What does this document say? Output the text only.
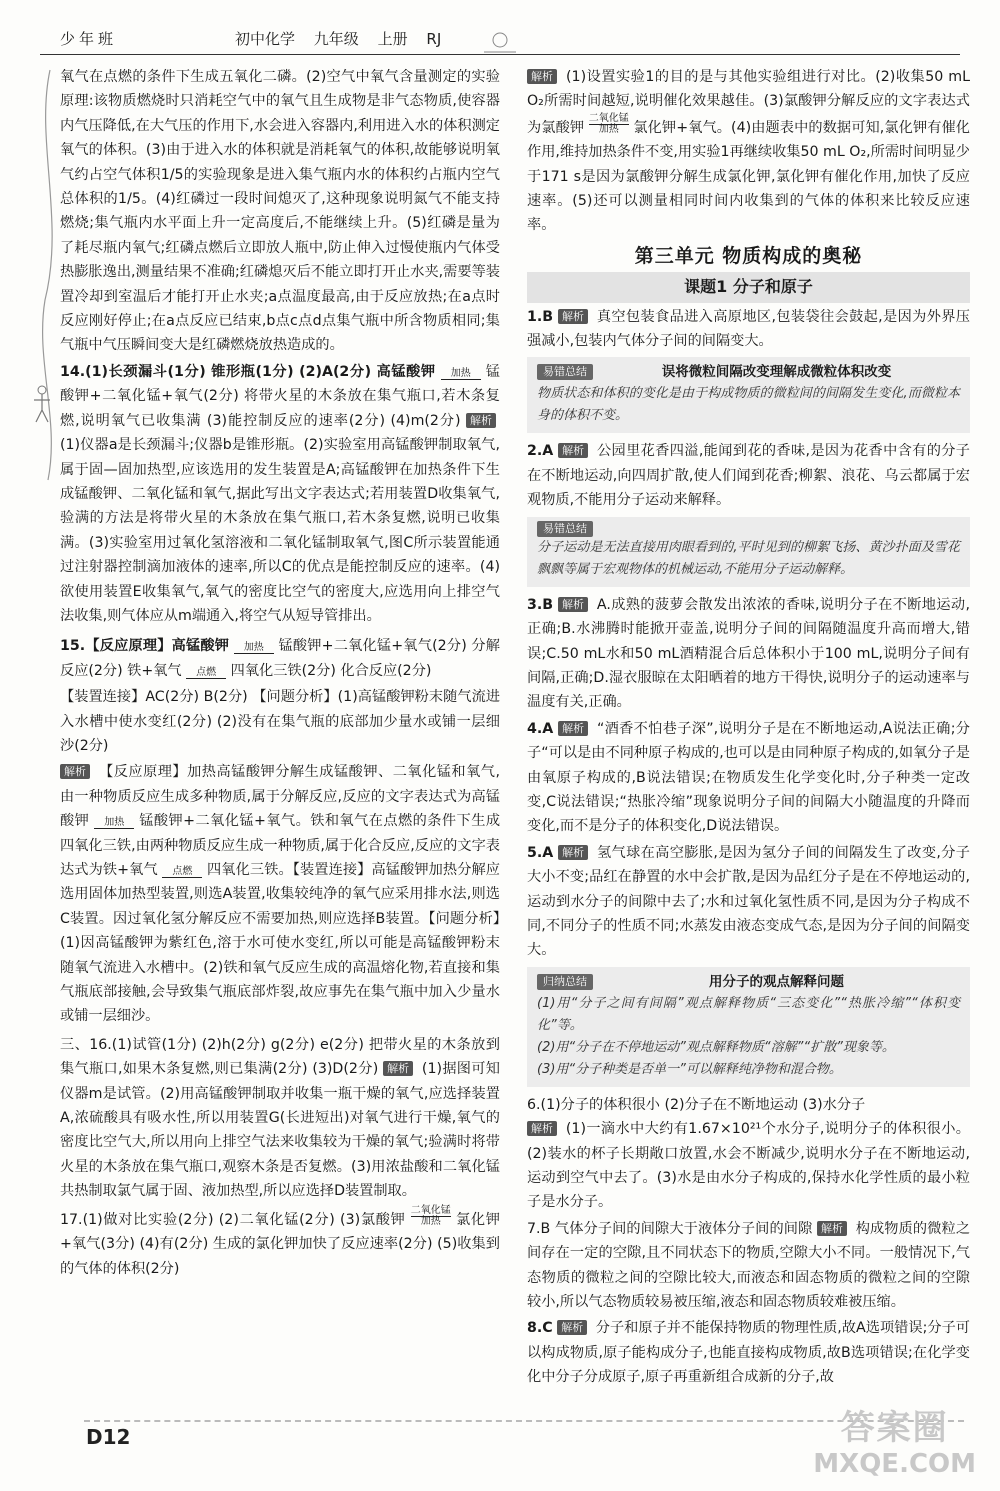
少年班	初中化学 九年级 上册 RJ

氧气在点燃的条件下生成五氧化二磷。(2)空气中氧气含量测定的实验原理:该物质燃烧时只消耗空气中的氧气且生成物是非气态物质,使容器内气压降低,在大气压的作用下,水会进入容器内,利用进入水的体积测定氧气的体积。(3)由于进入水的体积就是消耗氧气的体积,故能够说明氧气约占空气体积1/5的实验现象是进入集气瓶内水的体积约占瓶内空气总体积的1/5。(4)红磷过一段时间熄灭了,这种现象说明氮气不能支持燃烧;集气瓶内水平面上升一定高度后,不能继续上升。(5)红磷是量为了耗尽瓶内氧气;红磷点燃后立即放人瓶中,防止伸入过慢使瓶内气体受热膨胀逸出,测量结果不准确;红磷熄灭后不能立即打开止水夹,需要等装置冷却到室温后才能打开止水夹;a点温度最高,由于反应放热;在a点时反应刚好停止;在a点反应已结束,b点c点d点集气瓶中所含物质相同;集气瓶中气压瞬间变大是红磷燃烧放热造成的。

14.(1)长颈漏斗(1分) 锥形瓶(1分) (2)A(2分) 高锰酸钾	加热	锰酸钾+二氧化锰+氧气(2分) 将带火星的木条放在集气瓶口,若木条复燃,说明氧气已收集满 (3)能控制反应的速率(2分) (4)m(2分) 解析 (1)仪器a是长颈漏斗;仪器b是锥形瓶。(2)实验室用高锰酸钾制取氧气,属于固—固加热型,应该选用的发生装置是A;高锰酸钾在加热条件下生成锰酸钾、二氧化锰和氧气,据此写出文字表达式;若用装置D收集氧气,验满的方法是将带火星的木条放在集气瓶口,若木条复燃,说明已收集满。(3)实验室用过氧化氢溶液和二氧化锰制取氧气,图C所示装置能通过注射器控制滴加液体的速率,所以C的优点是能控制反应的速率。(4)欲使用装置E收集氧气,氧气的密度比空气的密度大,应选用向上排空气法收集,则气体应从m端通入,将空气从短导管排出。

15.【反应原理】高锰酸钾	加热	锰酸钾+二氧化锰+氧气(2分) 分解反应(2分) 铁+氧气	点燃	四氧化三铁(2分) 化合反应(2分)

【装置连接】AC(2分) B(2分) 【问题分析】(1)高锰酸钾粉末随气流进入水槽中使水变红(2分) (2)没有在集气瓶的底部加少量水或铺一层细沙(2分)

解析 【反应原理】加热高锰酸钾分解生成锰酸钾、二氧化锰和氧气,由一种物质反应生成多种物质,属于分解反应,反应的文字表达式为高锰酸钾	加热	锰酸钾+二氧化锰+氧气。铁和氧气在点燃的条件下生成四氧化三铁,由两种物质反应生成一种物质,属于化合反应,反应的文字表达式为铁+氧气	点燃	四氧化三铁。【装置连接】高锰酸钾加热分解应选用固体加热型装置,则选A装置,收集较纯净的氧气应采用排水法,则选C装置。因过氧化氢分解反应不需要加热,则应选择B装置。【问题分析】(1)因高锰酸钾为紫红色,溶于水可使水变红,所以可能是高锰酸钾粉末随氧气流进入水槽中。(2)铁和氧气反应生成的高温熔化物,若直接和集气瓶底部接触,会导致集气瓶底部炸裂,故应事先在集气瓶中加入少量水或铺一层细沙。

三、16.(1)试管(1分) (2)h(2分) g(2分) e(2分) 把带火星的木条放到集气瓶口,如果木条复燃,则已集满(2分) (3)D(2分) 解析 (1)据图可知仪器m是试管。(2)用高锰酸钾制取并收集一瓶干燥的氧气,应选择装置A,浓硫酸具有吸水性,所以用装置G(长进短出)对氧气进行干燥,氧气的密度比空气大,所以用向上排空气法来收集较为干燥的氧气;验满时将带火星的木条放在集气瓶口,观察木条是否复燃。(3)用浓盐酸和二氧化锰共热制取氯气属于固、液加热型,所以应选择D装置制取。

17.(1)做对比实验(2分) (2)二氧化锰(2分) (3)氯酸钾
二氧化锰
加热	氯化钾+氧气(3分) (4)有(2分) 生成的氯化钾加快了反应速率(2分) (5)收集到的气体的体积(2分)

解析 (1)设置实验1的目的是与其他实验组进行对比。(2)收集50 mL O₂所需时间越短,说明催化效果越佳。(3)氯酸钾分解反应的文字表达式为氯酸钾
二氧化锰
加热	氯化钾+氧气。(4)由题表中的数据可知,氯化钾有催化作用,维持加热条件不变,用实验1再继续收集50 mL O₂,所需时间明显少于171 s是因为氯酸钾分解生成氯化钾,氯化钾有催化作用,加快了反应速率。(5)还可以测量相同时间内收集到的气体的体积来比较反应速率。

第三单元 物质构成的奥秘
课题1 分子和原子

1.B 解析 真空包装食品进入高原地区,包装袋往会鼓起,是因为外界压强减小,包装内气体分子间的间隔变大。

易错总结	误将微粒间隔改变理解成微粒体积改变
物质状态和体积的变化是由于构成物质的微粒间的间隔发生变化,而微粒本身的体积不变。

2.A 解析 公园里花香四溢,能闻到花的香味,是因为花香中含有的分子在不断地运动,向四周扩散,使人们闻到花香;柳絮、浪花、乌云都属于宏观物质,不能用分子运动来解释。

易错总结
分子运动是无法直接用肉眼看到的,平时见到的柳絮飞扬、黄沙扑面及雪花飘飘等属于宏观物体的机械运动,不能用分子运动解释。

3.B 解析 A.成熟的菠萝会散发出浓浓的香味,说明分子在不断地运动,正确;B.水沸腾时能掀开壶盖,说明分子间的间隔随温度升高而增大,错误;C.50 mL水和50 mL酒精混合后总体积小于100 mL,说明分子间有间隔,正确;D.湿衣服晾在太阳晒着的地方干得快,说明分子的运动速率与温度有关,正确。

4.A 解析 “酒香不怕巷子深”,说明分子是在不断地运动,A说法正确;分子“可以是由不同种原子构成的,也可以是由同种原子构成的,如氧分子是由氧原子构成的,B说法错误;在物质发生化学变化时,分子种类一定改变,C说法错误;“热胀冷缩”现象说明分子间的间隔大小随温度的升降而变化,而不是分子的体积变化,D说法错误。

5.A 解析 氢气球在高空膨胀,是因为氢分子间的间隔发生了改变,分子大小不变;品红在静置的水中会扩散,是因为品红分子是在不停地运动的,运动到水分子的间隙中去了;水和过氧化氢性质不同,是因为分子构成不同,不同分子的性质不同;水蒸发由液态变成气态,是因为分子间的间隔变大。

归纳总结	用分子的观点解释问题
(1)用“分子之间有间隔”观点解释物质“三态变化”“热胀冷缩”“体积变化”等。
(2)用“分子在不停地运动”观点解释物质“溶解”“扩散”现象等。
(3)用“分子种类是否单一”可以解释纯净物和混合物。

6.(1)分子的体积很小 (2)分子在不断地运动 (3)水分子
解析 (1)一滴水中大约有1.67×10²¹个水分子,说明分子的体积很小。(2)装水的杯子长期敞口放置,水会不断减少,说明水分子在不断地运动,运动到空气中去了。(3)水是由水分子构成的,保持水化学性质的最小粒子是水分子。

7.B 气体分子间的间隙大于液体分子间的间隙 解析 构成物质的微粒之间存在一定的空隙,且不同状态下的物质,空隙大小不同。一般情况下,气态物质的微粒之间的空隙比较大,而液态和固态物质的微粒之间的空隙较小,所以气态物质较易被压缩,液态和固态物质较难被压缩。

8.C 解析 分子和原子并不能保持物质的物理性质,故A选项错误;分子可以构成物质,原子能构成分子,也能直接构成物质,故B选项错误;在化学变化中分子分成原子,原子再重新组合成新的分子,故

D12	答案圈
MXQE.COM
